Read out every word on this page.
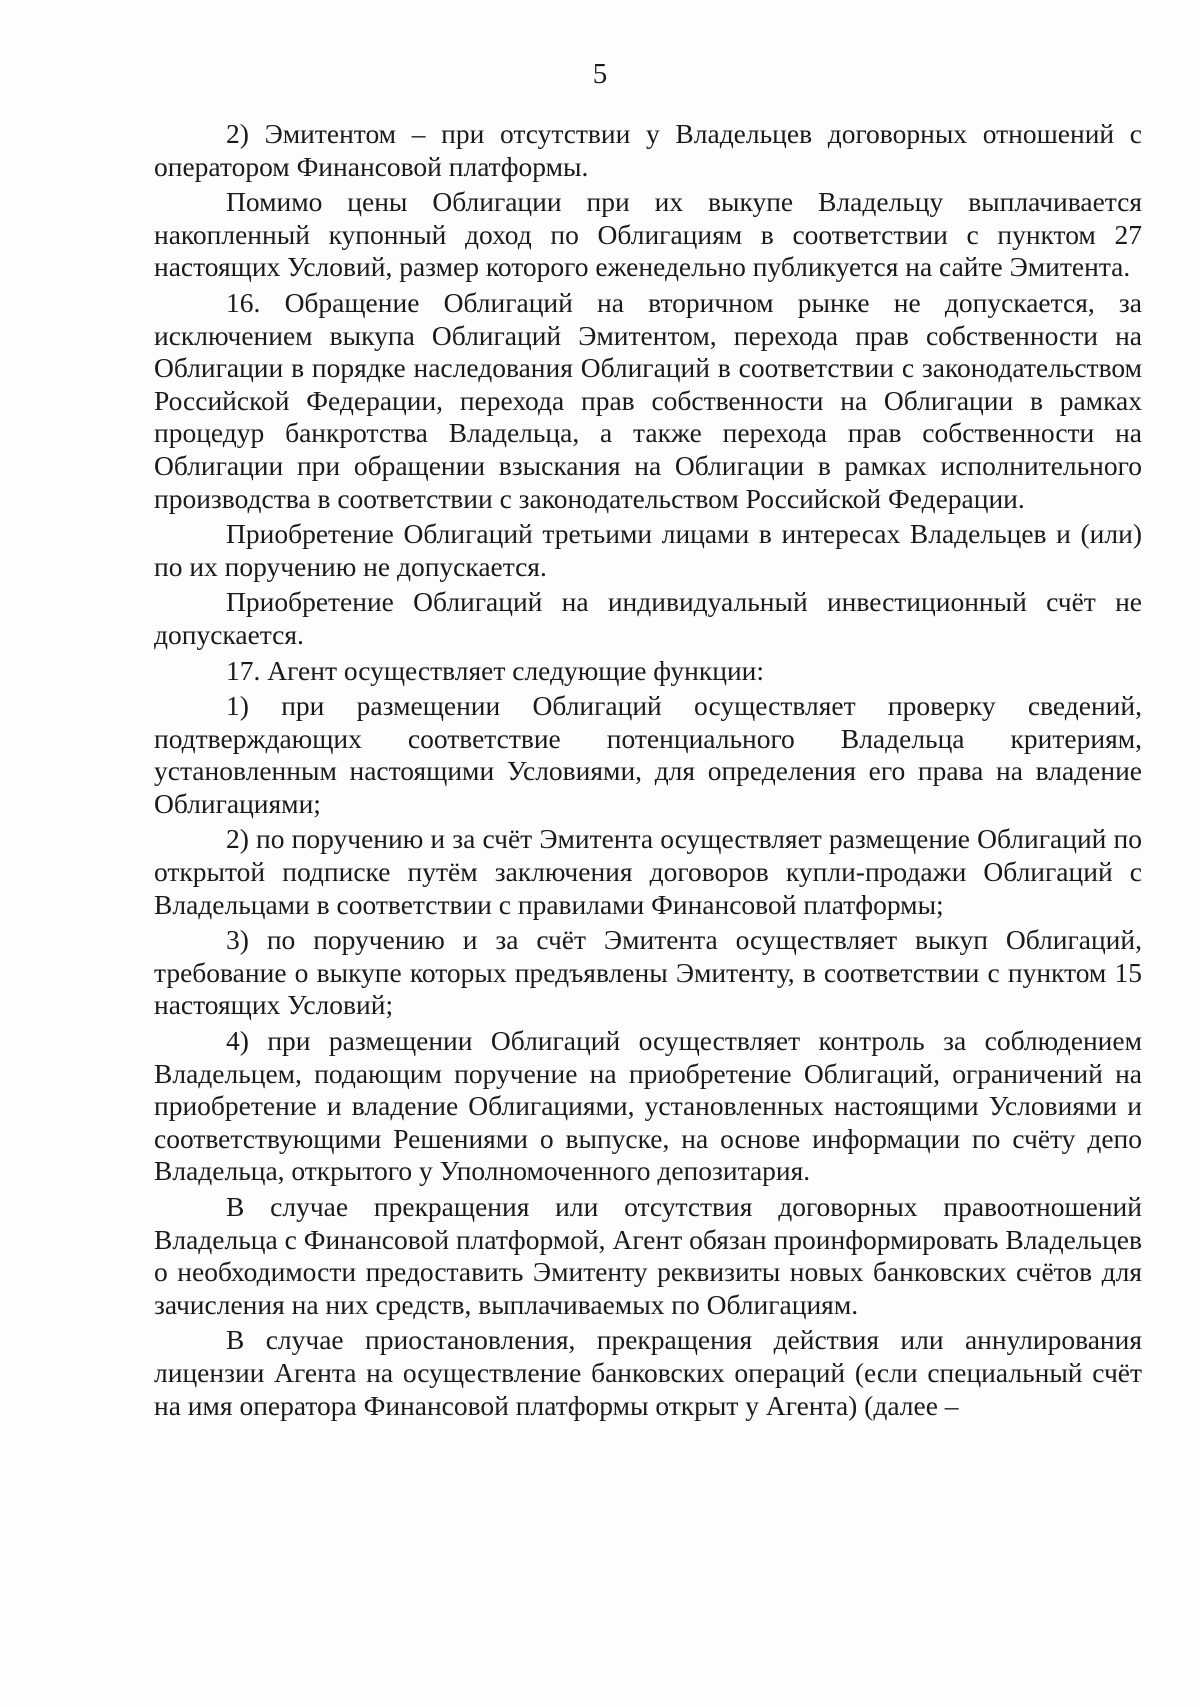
5

2) Эмитентом – при отсутствии у Владельцев договорных отношений с оператором Финансовой платформы.

Помимо цены Облигации при их выкупе Владельцу выплачивается накопленный купонный доход по Облигациям в соответствии с пунктом 27 настоящих Условий, размер которого еженедельно публикуется на сайте Эмитента.

16. Обращение Облигаций на вторичном рынке не допускается, за исключением выкупа Облигаций Эмитентом, перехода прав собственности на Облигации в порядке наследования Облигаций в соответствии с законодательством Российской Федерации, перехода прав собственности на Облигации в рамках процедур банкротства Владельца, а также перехода прав собственности на Облигации при обращении взыскания на Облигации в рамках исполнительного производства в соответствии с законодательством Российской Федерации.

Приобретение Облигаций третьими лицами в интересах Владельцев и (или) по их поручению не допускается.

Приобретение Облигаций на индивидуальный инвестиционный счёт не допускается.

17. Агент осуществляет следующие функции:

1) при размещении Облигаций осуществляет проверку сведений, подтверждающих соответствие потенциального Владельца критериям, установленным настоящими Условиями, для определения его права на владение Облигациями;

2) по поручению и за счёт Эмитента осуществляет размещение Облигаций по открытой подписке путём заключения договоров купли-продажи Облигаций с Владельцами в соответствии с правилами Финансовой платформы;

3) по поручению и за счёт Эмитента осуществляет выкуп Облигаций, требование о выкупе которых предъявлены Эмитенту, в соответствии с пунктом 15 настоящих Условий;

4) при размещении Облигаций осуществляет контроль за соблюдением Владельцем, подающим поручение на приобретение Облигаций, ограничений на приобретение и владение Облигациями, установленных настоящими Условиями и соответствующими Решениями о выпуске, на основе информации по счёту депо Владельца, открытого у Уполномоченного депозитария.

В случае прекращения или отсутствия договорных правоотношений Владельца с Финансовой платформой, Агент обязан проинформировать Владельцев о необходимости предоставить Эмитенту реквизиты новых банковских счётов для зачисления на них средств, выплачиваемых по Облигациям.

В случае приостановления, прекращения действия или аннулирования лицензии Агента на осуществление банковских операций (если специальный счёт на имя оператора Финансовой платформы открыт у Агента) (далее –
